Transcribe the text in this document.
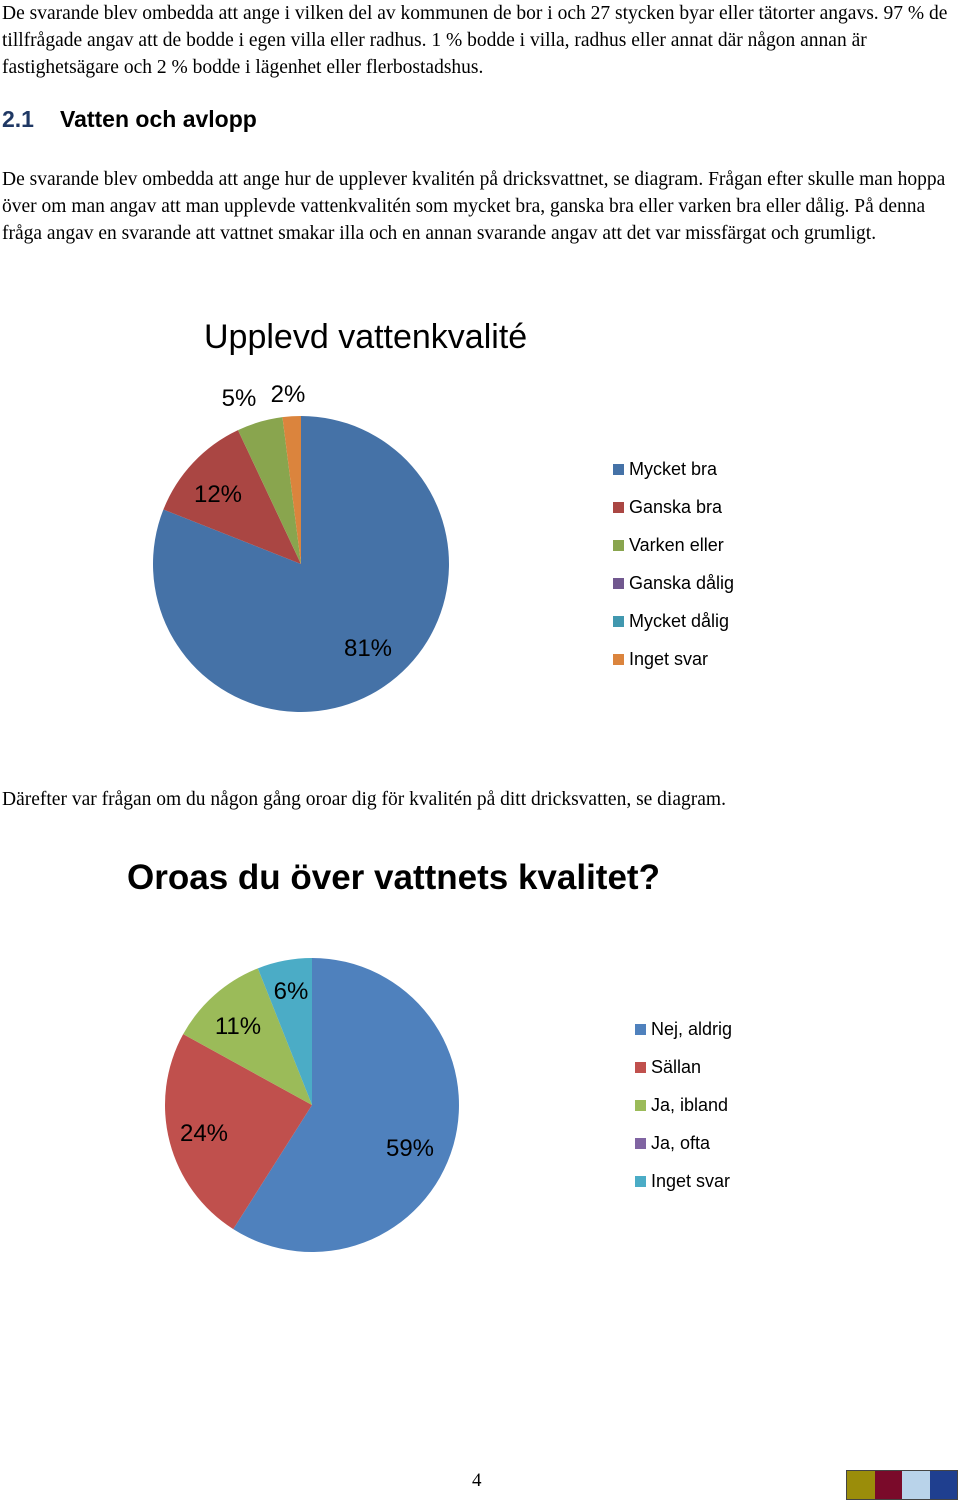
De svarande blev ombedda att ange i vilken del av kommunen de bor i och 27 stycken byar eller tätorter angavs. 97 % de tillfrågade angav att de bodde i egen villa eller radhus. 1 % bodde i villa, radhus eller annat där någon annan är fastighetsägare och 2 % bodde i lägenhet eller flerbostadshus.

2.1 Vatten och avlopp

De svarande blev ombedda att ange hur de upplever kvalitén på dricksvattnet, se diagram. Frågan efter skulle man hoppa över om man angav att man upplevde vattenkvalitén som mycket bra, ganska bra eller varken bra eller dålig. På denna fråga angav en svarande att vattnet smakar illa och en annan svarande angav att det var missfärgat och grumligt.

Upplevd vattenkvalité
81%
12%
5% 2%
59%
24%
11%
6%
Mycket bra
Ganska bra
Varken eller
Ganska dålig
Mycket dålig
Inget svar

Därefter var frågan om du någon gång oroar dig för kvalitén på ditt dricksvatten, se diagram.

Oroas du över vattnets kvalitet?
Nej, aldrig
Sällan
Ja, ibland
Ja, ofta
Inget svar
4
